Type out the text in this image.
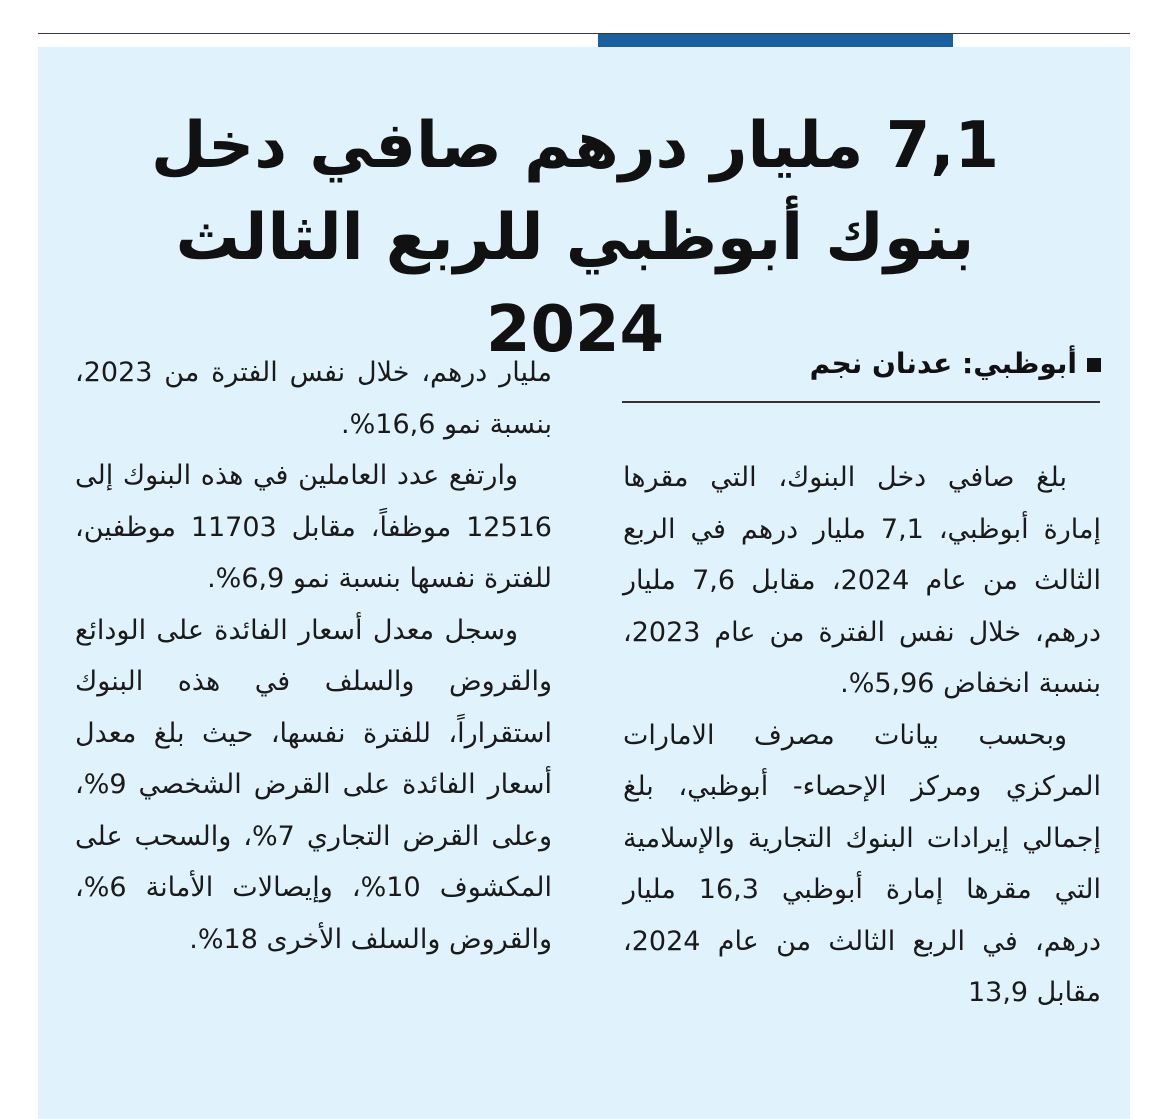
7,1 مليار درهم صافي دخل
بنوك أبوظبي للربع الثالث 2024	أبوظبي: عدنان نجم

بلغ صافي دخل البنوك، التي مقرها إمارة أبوظبي، 7,1 مليار درهم في الربع الثالث من عام 2024، مقابل 7,6 مليار درهم، خلال نفس الفترة من عام 2023، بنسبة انخفاض 5,96%.

وبحسب بيانات مصرف الامارات المركزي ومركز الإحصاء- أبوظبي، بلغ إجمالي إيرادات البنوك التجارية والإسلامية التي مقرها إمارة أبوظبي 16,3 مليار درهم، في الربع الثالث من عام 2024، مقابل 13,9

مليار درهم، خلال نفس الفترة من 2023، بنسبة نمو 16,6%.

وارتفع عدد العاملين في هذه البنوك إلى 12516 موظفاً، مقابل 11703 موظفين، للفترة نفسها بنسبة نمو 6,9%.

وسجل معدل أسعار الفائدة على الودائع والقروض والسلف في هذه البنوك استقراراً، للفترة نفسها، حيث بلغ معدل أسعار الفائدة على القرض الشخصي 9%، وعلى القرض التجاري 7%، والسحب على المكشوف 10%، وإيصالات الأمانة 6%، والقروض والسلف الأخرى 18%.
